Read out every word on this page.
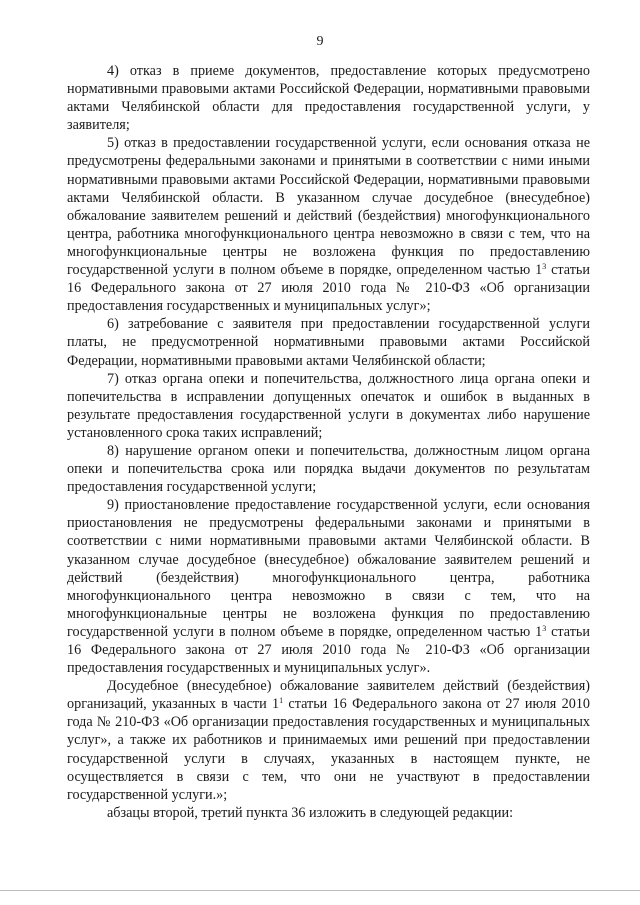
9

4) отказ в приеме документов, предоставление которых предусмотрено нормативными правовыми актами Российской Федерации, нормативными правовыми актами Челябинской области для предоставления государственной услуги, у заявителя;

5) отказ в предоставлении государственной услуги, если основания отказа не предусмотрены федеральными законами и принятыми в соответствии с ними иными нормативными правовыми актами Российской Федерации, нормативными правовыми актами Челябинской области. В указанном случае досудебное (внесудебное) обжалование заявителем решений и действий (бездействия) многофункционального центра, работника многофункционального центра невозможно в связи с тем, что на многофункциональные центры не возложена функция по предоставлению государственной услуги в полном объеме в порядке, определенном частью $1^3$ статьи 16 Федерального закона от 27 июля 2010 года № 210-ФЗ «Об организации предоставления государственных и муниципальных услуг»;

6) затребование с заявителя при предоставлении государственной услуги платы, не предусмотренной нормативными правовыми актами Российской Федерации, нормативными правовыми актами Челябинской области;

7) отказ органа опеки и попечительства, должностного лица органа опеки и попечительства в исправлении допущенных опечаток и ошибок в выданных в результате предоставления государственной услуги в документах либо нарушение установленного срока таких исправлений;

8) нарушение органом опеки и попечительства, должностным лицом органа опеки и попечительства срока или порядка выдачи документов по результатам предоставления государственной услуги;

9) приостановление предоставление государственной услуги, если основания приостановления не предусмотрены федеральными законами и принятыми в соответствии с ними нормативными правовыми актами Челябинской области. В указанном случае досудебное (внесудебное) обжалование заявителем решений и действий (бездействия) многофункционального центра, работника многофункционального центра невозможно в связи с тем, что на многофункциональные центры не возложена функция по предоставлению государственной услуги в полном объеме в порядке, определенном частью $1^3$ статьи 16 Федерального закона от 27 июля 2010 года № 210-ФЗ «Об организации предоставления государственных и муниципальных услуг».

Досудебное (внесудебное) обжалование заявителем действий (бездействия) организаций, указанных в части $1^1$ статьи 16 Федерального закона от 27 июля 2010 года № 210-ФЗ «Об организации предоставления государственных и муниципальных услуг», а также их работников и принимаемых ими решений при предоставлении государственной услуги в случаях, указанных в настоящем пункте, не осуществляется в связи с тем, что они не участвуют в предоставлении государственной услуги.»;

абзацы второй, третий пункта 36 изложить в следующей редакции:
